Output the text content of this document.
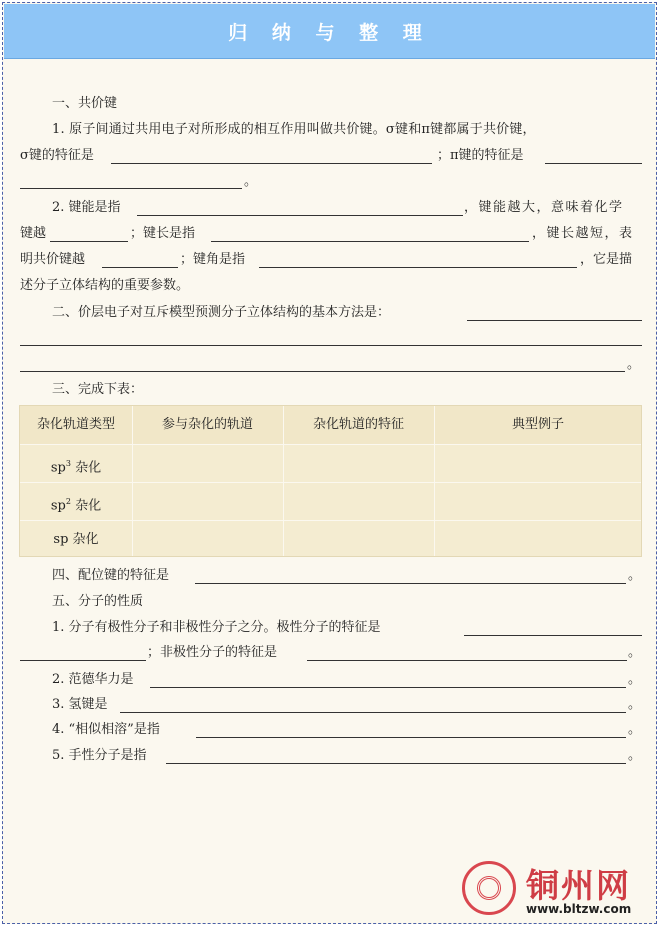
归 纳 与 整 理
一、共价键
1. 原子间通过共用电子对所形成的相互作用叫做共价键。σ键和π键都属于共价键，
σ键的特征是	；π键的特征是
。
2. 键能是指	，键能越大，意味着化学
键越	；键长是指	，键长越短，表
明共价键越	；键角是指	，它是描
述分子立体结构的重要参数。
二、价层电子对互斥模型预测分子立体结构的基本方法是：
。
三、完成下表：
杂化轨道类型	参与杂化的轨道	杂化轨道的特征	典型例子
$sp^3$ 杂化
$sp^2$ 杂化
sp 杂化
四、配位键的特征是	。
五、分子的性质
1. 分子有极性分子和非极性分子之分。极性分子的特征是
；非极性分子的特征是	。
2. 范德华力是	。
3. 氢键是	。
4. “相似相溶”是指	。
5. 手性分子是指	。
铜州网
www.bltzw.com
